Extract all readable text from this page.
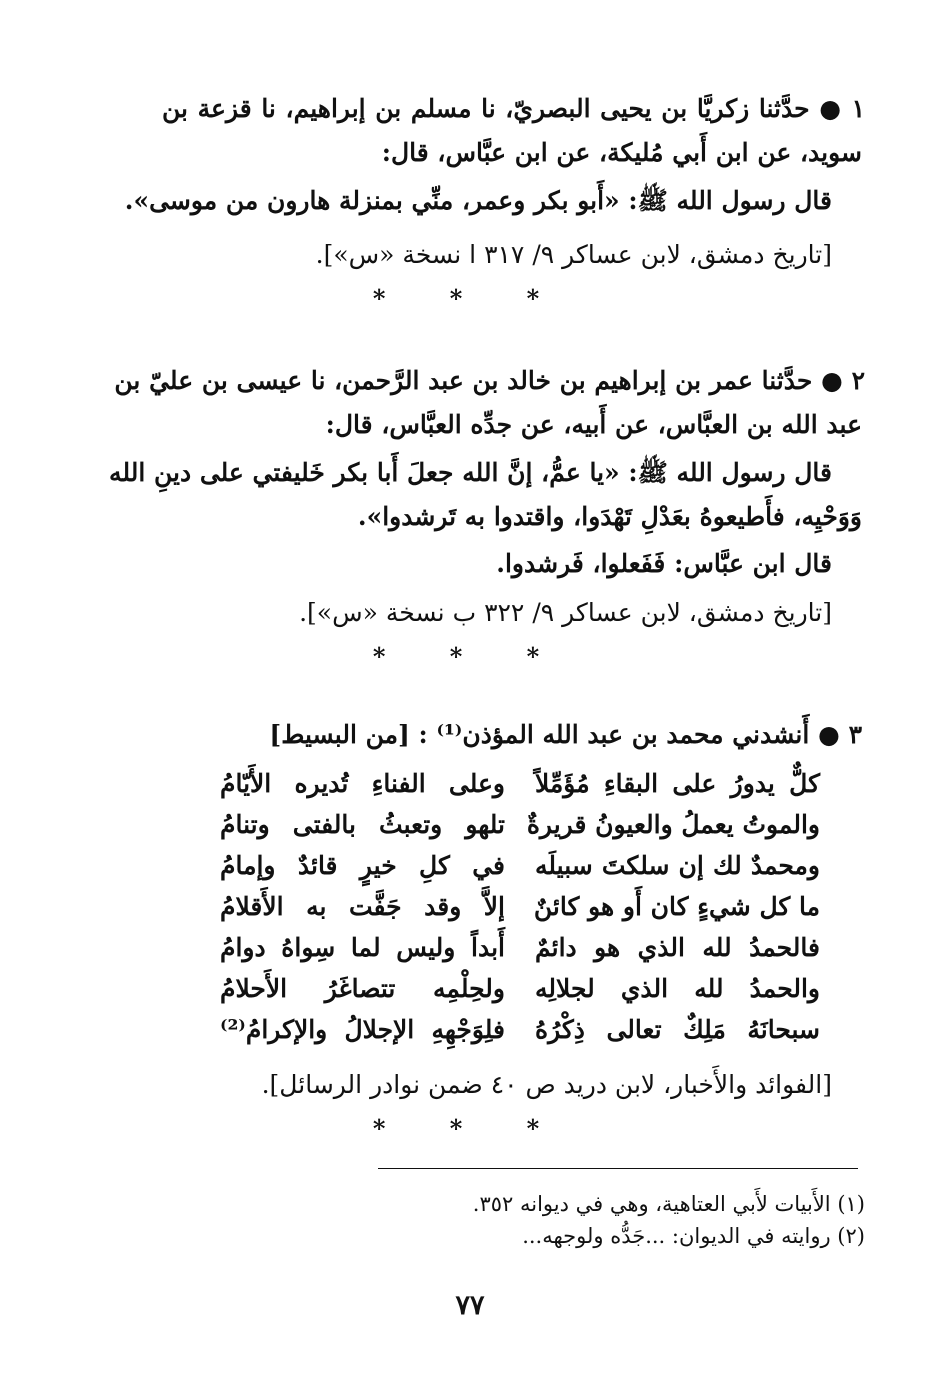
١ ● حدَّثنا زكريَّا بن يحيى البصريّ، نا مسلم بن إبراهيم، نا قزعة بن
سويد، عن ابن أَبي مُليكة، عن ابن عبَّاس، قال:
قال رسول الله ﷺ: «أَبو بكر وعمر، منِّي بمنزلة هارون من موسى».
[تاريخ دمشق، لابن عساكر ٩/ ٣١٧ ا نسخة «س»].
* * *
٢ ● حدَّثنا عمر بن إبراهيم بن خالد بن عبد الرَّحمن، نا عيسى بن عليّ بن
عبد الله بن العبَّاس، عن أَبيه، عن جدِّه العبَّاس، قال:
قال رسول الله ﷺ: «يا عمُّ، إنَّ الله جعلَ أَبا بكر خَليفتي على دينِ الله
وَوَحْيِه، فأَطيعوهُ بعَدْلِ تَهْدَوا، واقتدوا به تَرشدوا».
قال ابن عبَّاس: فَفَعلوا، فَرشدوا.
[تاريخ دمشق، لابن عساكر ٩/ ٣٢٢ ب نسخة «س»].
* * *
٣ ● أَنشدني محمد بن عبد الله المؤذن⁽¹⁾ : [من البسيط]
كلٌّ يدورُ على البقاءِ مُؤَمِّلاً
وعلى الفناءِ تُديره الأَيّامُ
والموتُ يعملُ والعيونُ قريرةٌ
تلهو وتعبثُ بالفتى وتنامُ
ومحمدٌ لك إن سلكتَ سبيلَه
في كلِ خيرٍ قائدٌ وإمامُ
ما كل شيءٍ كان أَو هو كائنٌ
إلاَّ وقد جَفَّت به الأَقلامُ
فالحمدُ لله الذي هو دائمٌ
أَبداً وليس لما سِواهُ دوامُ
والحمدُ لله الذي لجلالِه
ولحِلْمِه تتصاغَرُ الأَحلامُ
سبحانَهُ مَلِكٌ تعالى ذِكْرُهُ
فلِوَجْهِهِ الإجلالُ والإكرامُ⁽²⁾
[الفوائد والأَخبار، لابن دريد ص ٤٠ ضمن نوادر الرسائل].
* * *
(١) الأَبيات لأَبي العتاهية، وهي في ديوانه ٣٥٢.
(٢) روايته في الديوان: ...جَدُّه ولوجهه...
٧٧
